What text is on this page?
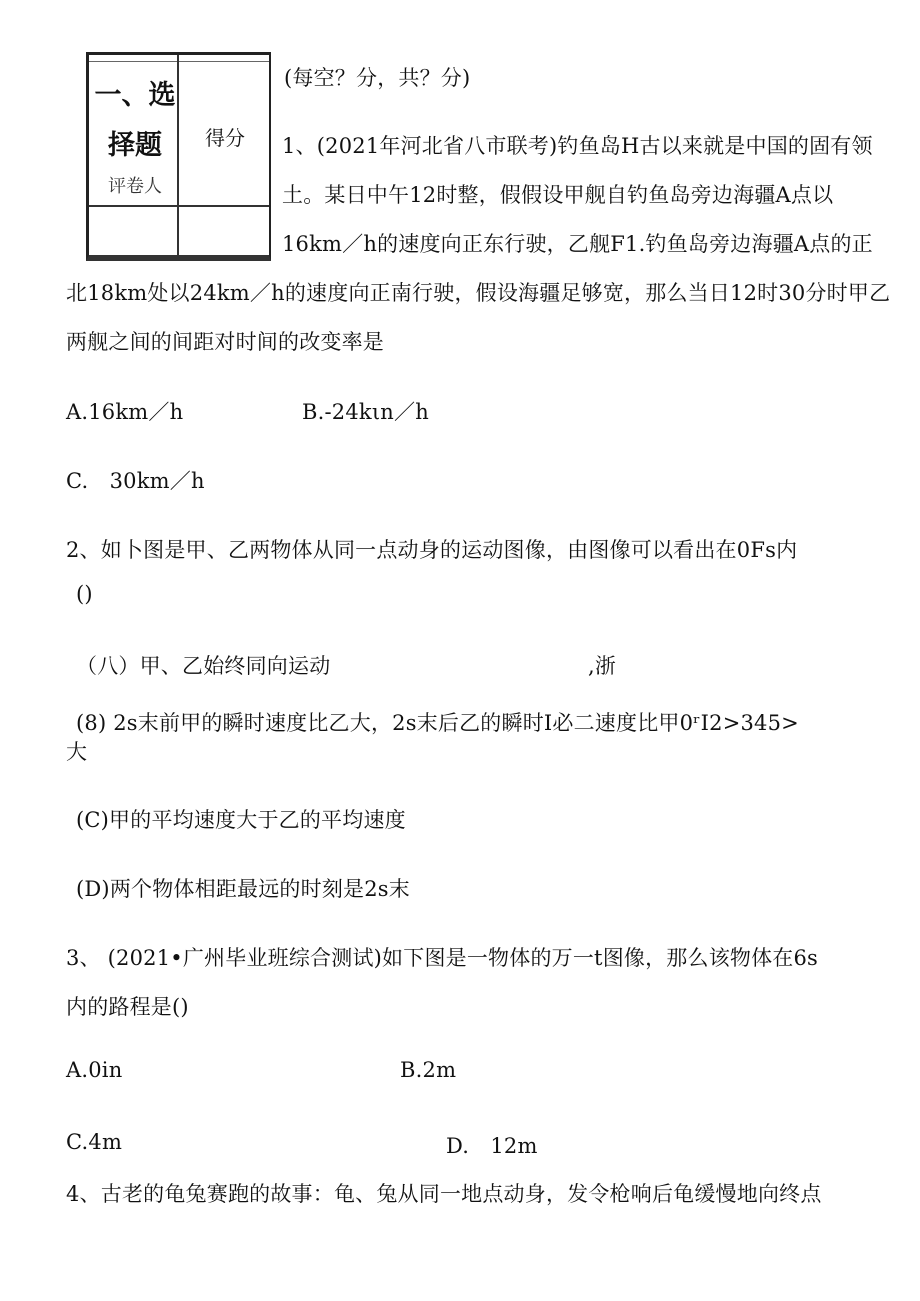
一、选
择题
评卷人
得分
(每空？分，共？分)
1、(2021年河北省八市联考)钓鱼岛H古以来就是中国的固有领
土。某日中午12时整，假假设甲舰自钓鱼岛旁边海疆A点以
16km／h的速度向正东行驶，乙舰F1.钓鱼岛旁边海疆A点的正
北18km处以24km／h的速度向正南行驶，假设海疆足够宽，那么当日12时30分时甲乙
两舰之间的间距对时间的改变率是
A.16km／h	B.-24kιn／h
C.　30km／h
2、如卜图是甲、乙两物体从同一点动身的运动图像，由图像可以看出在0Fs内
()
（八）甲、乙始终同向运动	,浙
(8) 2s末前甲的瞬时速度比乙大，2s末后乙的瞬时I必二速度比甲0ʳI2>345>
大
(C)甲的平均速度大于乙的平均速度
(D)两个物体相距最远的时刻是2s末
3、 (2021•广州毕业班综合测试)如下图是一物体的万一t图像，那么该物体在6s
内的路程是()
A.0in	B.2m
C.4m	D.　12m
4、古老的龟兔赛跑的故事：龟、兔从同一地点动身，发令枪响后龟缓慢地向终点
